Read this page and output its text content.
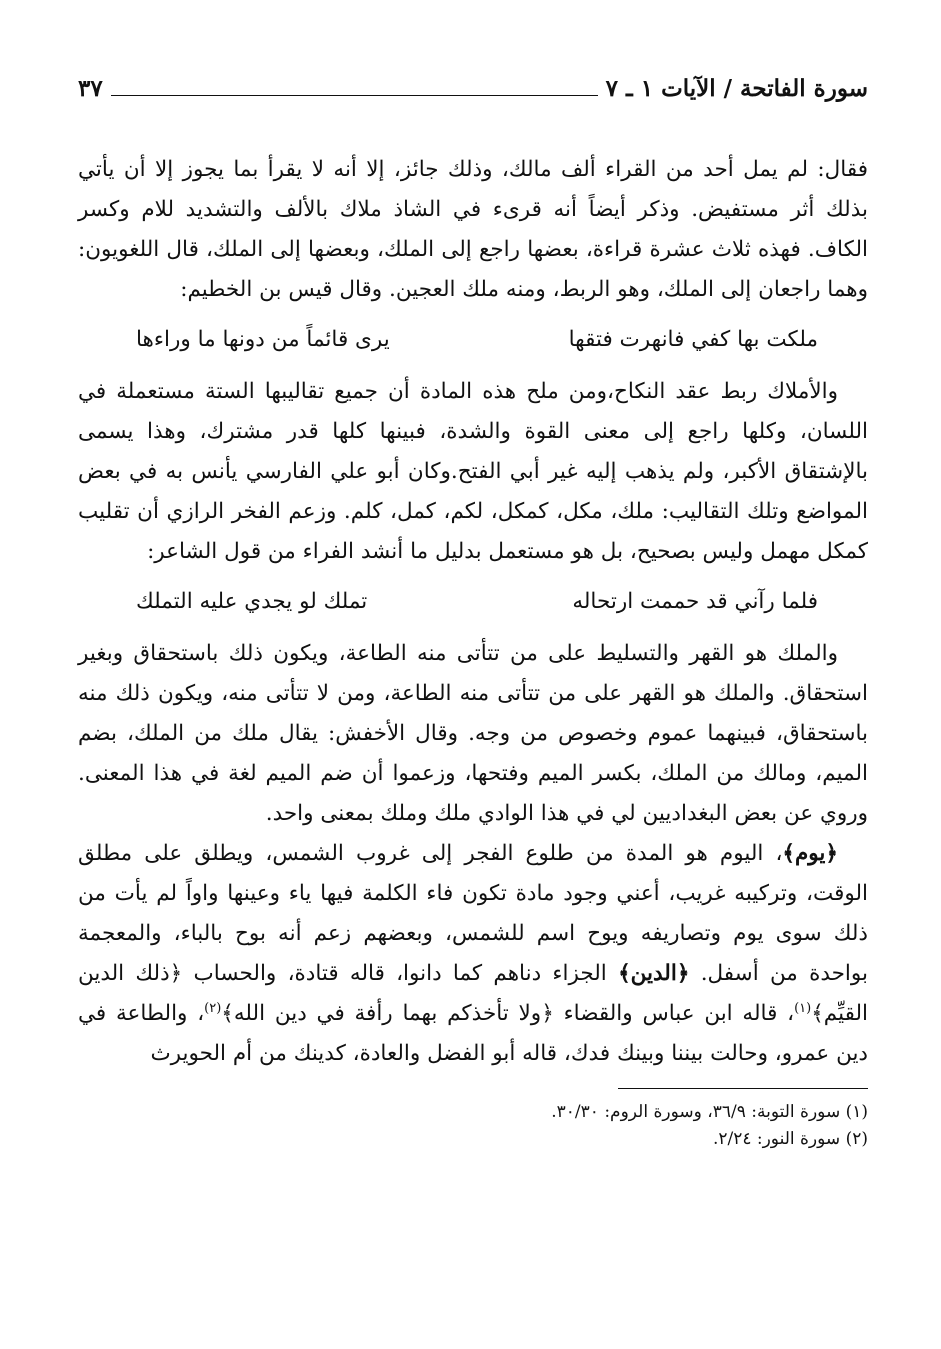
سورة الفاتحة / الآيات ١ ـ ٧
٣٧

فقال: لم يمل أحد من القراء ألف مالك، وذلك جائز، إلا أنه لا يقرأ بما يجوز إلا أن يأتي بذلك أثر مستفيض. وذكر أيضاً أنه قرىء في الشاذ ملاك بالألف والتشديد للام وكسر الكاف. فهذه ثلاث عشرة قراءة، بعضها راجع إلى الملك، وبعضها إلى الملك، قال اللغويون: وهما راجعان إلى الملك، وهو الربط، ومنه ملك العجين. وقال قيس بن الخطيم:

ملكت بها كفي فانهرت فتقها
يرى قائماً من دونها ما وراءها

والأملاك ربط عقد النكاح،ومن ملح هذه المادة أن جميع تقاليبها الستة مستعملة في اللسان، وكلها راجع إلى معنى القوة والشدة، فبينها كلها قدر مشترك، وهذا يسمى بالإشتقاق الأكبر، ولم يذهب إليه غير أبي الفتح.وكان أبو علي الفارسي يأنس به في بعض المواضع وتلك التقاليب: ملك، مكل، كمكل، لكم، كمل، كلم. وزعم الفخر الرازي أن تقليب كمكل مهمل وليس بصحيح، بل هو مستعمل بدليل ما أنشد الفراء من قول الشاعر:

فلما رآني قد حممت ارتحاله
تملك لو يجدي عليه التملك

والملك هو القهر والتسليط على من تتأتى منه الطاعة، ويكون ذلك باستحقاق وبغير استحقاق. والملك هو القهر على من تتأتى منه الطاعة، ومن لا تتأتى منه، ويكون ذلك منه باستحقاق، فبينهما عموم وخصوص من وجه. وقال الأخفش: يقال ملك من الملك، بضم الميم، ومالك من الملك، بكسر الميم وفتحها، وزعموا أن ضم الميم لغة في هذا المعنى. وروي عن بعض البغداديين لي في هذا الوادي ملك وملك بمعنى واحد.

﴿يوم﴾، اليوم هو المدة من طلوع الفجر إلى غروب الشمس، ويطلق على مطلق الوقت، وتركيبه غريب، أعني وجود مادة تكون فاء الكلمة فيها ياء وعينها واواً لم يأت من ذلك سوى يوم وتصاريفه ويوح اسم للشمس، وبعضهم زعم أنه بوح بالباء، والمعجمة بواحدة من أسفل. ﴿الدين﴾ الجزاء دناهم كما دانوا، قاله قتادة، والحساب ﴿ذلك الدين القيِّم﴾$^{(١)}$، قاله ابن عباس والقضاء ﴿ولا تأخذكم بهما رأفة في دين الله﴾$^{(٢)}$، والطاعة في دين عمرو، وحالت بيننا وبينك فدك، قاله أبو الفضل والعادة، كدينك من أم الحويرث

(١) سورة التوبة: ٣٦/٩، وسورة الروم: ٣٠/٣٠.

(٢) سورة النور: ٢/٢٤.
